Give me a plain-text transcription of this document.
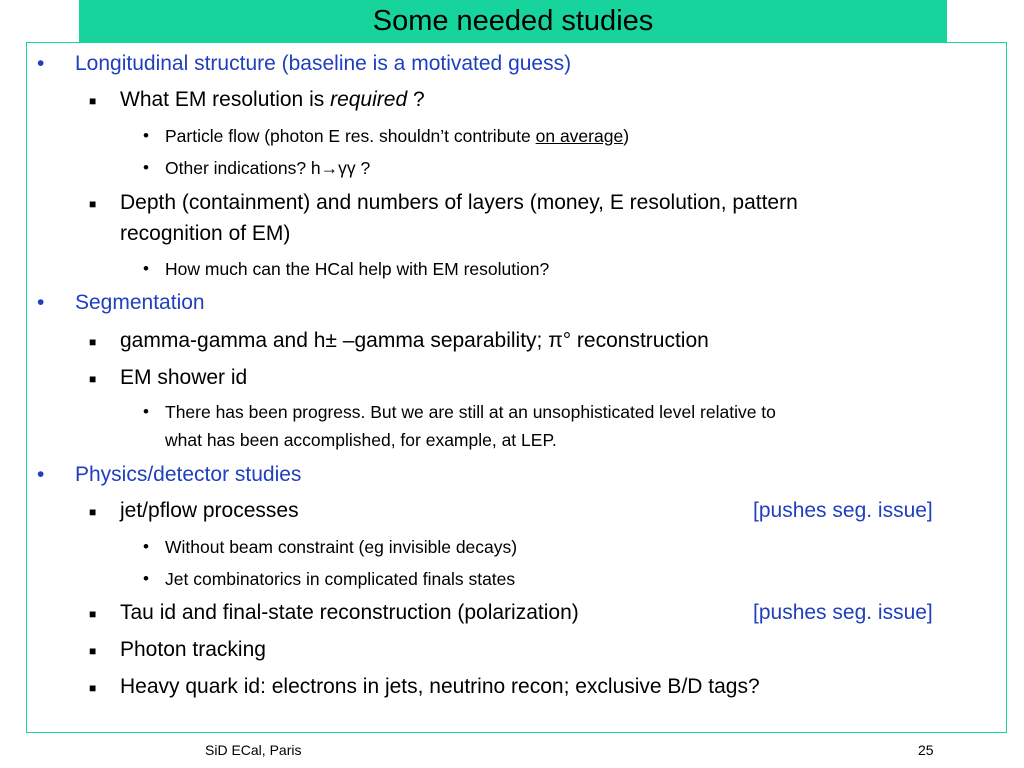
Some needed studies
• Longitudinal structure (baseline is a motivated guess)
■ What EM resolution is required ?
• Particle flow (photon E res. shouldn’t contribute on average)
• Other indications? h→γγ ?
■ Depth (containment) and numbers of layers (money, E resolution, pattern
recognition of EM)
• How much can the HCal help with EM resolution?
• Segmentation
■ gamma-gamma and h± –gamma separability; π° reconstruction
■ EM shower id
• There has been progress. But we are still at an unsophisticated level relative to
what has been accomplished, for example, at LEP.
• Physics/detector studies
■ jet/pflow processes	[pushes seg. issue]
• Without beam constraint (eg invisible decays)
• Jet combinatorics in complicated finals states
■ Tau id and final-state reconstruction (polarization)	[pushes seg. issue]
■ Photon tracking
■ Heavy quark id: electrons in jets, neutrino recon; exclusive B/D tags?
SiD ECal, Paris	25
